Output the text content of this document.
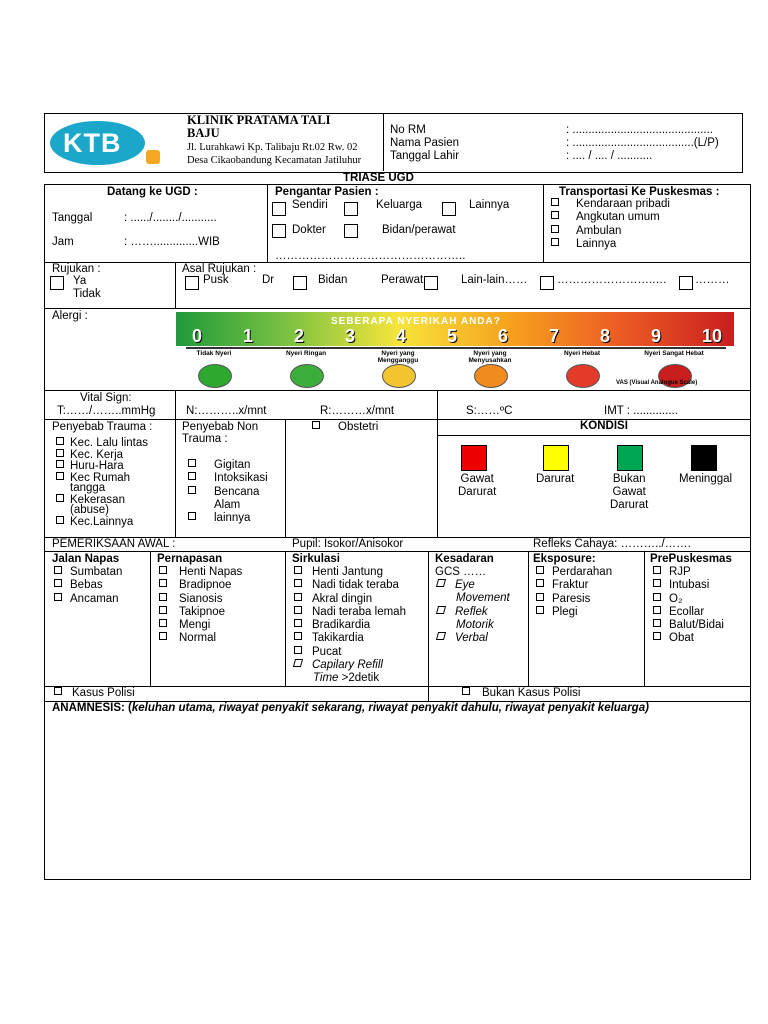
KTB
KLINIK PRATAMA TALI
BAJU
Jl. Lurahkawi Kp. Talibaju Rt.02 Rw. 02
Desa Cikaobandung Kecamatan Jatiluhur
No RM	: ............................................
Nama Pasien	: ......................................(L/P)
Tanggal Lahir	: .... / .... / ...........
TRIASE UGD
Datang ke UGD :
Tanggal	: ....../......../...........
Jam	: ……..............WIB
Pengantar Pasien :
Sendiri	Keluarga	Lainnya
Dokter	Bidan/perawat
…………………………………………..
Transportasi Ke Puskesmas :
Kendaraan pribadi
Angkutan umum
Ambulan
Lainnya
Rujukan :
Ya
Tidak
Asal Rujukan :
Pusk	Dr	Bidan	Perawat	Lain-lain……	……………………..… ………
Alergi :	SEBERAPA NYERIKAH ANDA?
0 1 2 3 4 5 6 7 8 9 10
Tidak Nyeri	Nyeri Ringan	Nyeri yang Mengganggu
Nyeri yang Menyusahkan
Nyeri Hebat	Nyeri Sangat Hebat
VAS (Visual Analogue Scale)
Vital Sign:
T:……/……..mmHg	N:………..x/mnt	R:………x/mnt	S:……ºC	IMT : ..............
Penyebab Trauma :
Kec. Lalu lintas
Kec. Kerja
Huru-Hara
Kec Rumah
tangga
Kekerasan
(abuse)
Kec.Lainnya
Penyebab Non
Trauma :
Gigitan
Intoksikasi
Bencana
Alam
lainnya
Obstetri	KONDISI
Gawat
Darurat
Darurat	Bukan
Gawat
Darurat
Meninggal
PEMERIKSAAN AWAL :	Pupil: Isokor/Anisokor	Refleks Cahaya: ………../…….
Jalan Napas
Sumbatan
Bebas
Ancaman
Pernapasan
Henti Napas
Bradipnoe
Sianosis
Takipnoe
Mengi
Normal
Sirkulasi
Henti Jantung
Nadi tidak teraba
Akral dingin
Nadi teraba lemah
Bradikardia
Takikardia
Pucat
Capilary Refill
Time >2detik
Kesadaran
GCS ……
Eye
Movement
Reflek
Motorik
Verbal
Eksposure:
Perdarahan
Fraktur
Paresis
Plegi
PrePuskesmas
RJP
Intubasi
O₂
Ecollar
Balut/Bidai
Obat
Kasus Polisi	Bukan Kasus Polisi
ANAMNESIS: (keluhan utama, riwayat penyakit sekarang, riwayat penyakit dahulu, riwayat penyakit keluarga)
